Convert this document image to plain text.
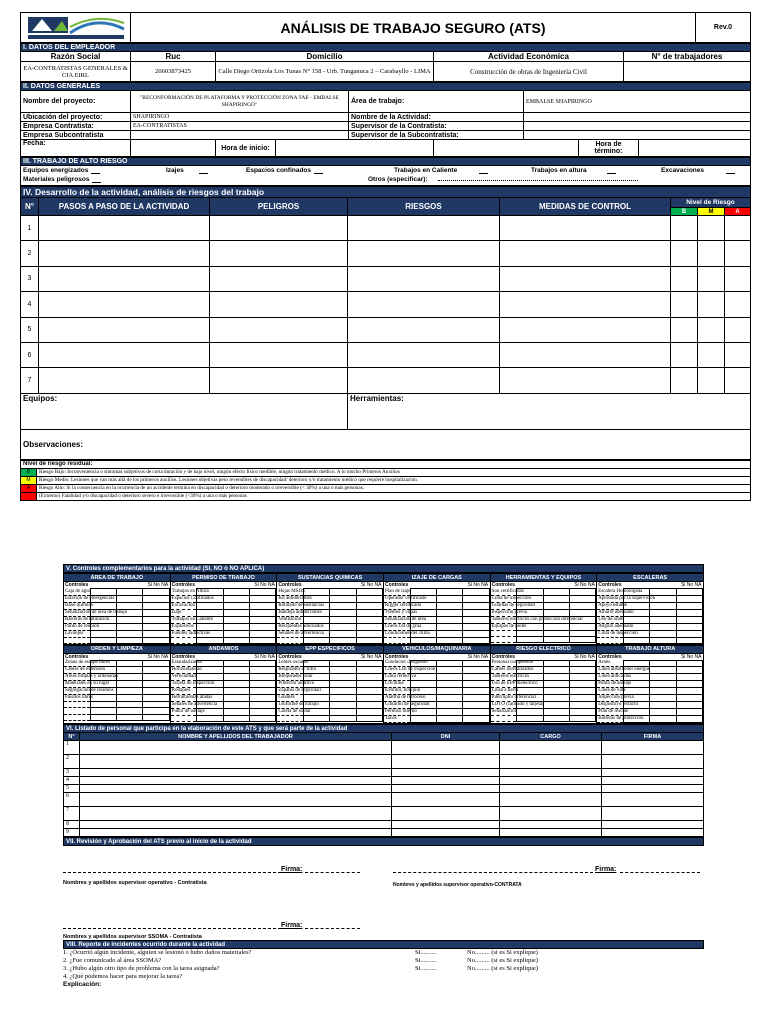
	ANÁLISIS DE TRABAJO SEGURO (ATS)	Rev.0
I. DATOS DEL EMPLEADOR				
Razón Social	Ruc	Domicilio	Actividad Económica	N° de trabajadores
EA-CONTRATISTAS GENERALES & CIA EIRL	20603873425	Calle Diego Ortizola Los Tunas N° 158 - Urb. Tunganuca 2 – Carabayllo - LIMA	Construcción de obras de Ingeniería Civil	
II. DATOS GENERALES								
Nombre del proyecto:	"RECONFORMACIÓN DE PLATAFORMA Y PROTECCIÓN ZONA TAE - EMBALSE SHAPIRINGO"			Área de trabajo:		EMBALSE SHAPIRINGO		
Ubicación del proyecto:	SHAPIRINGO			Nombre de la Actividad:				
Empresa Contratista:	EA-CONTRATISTAS			Supervisor de la Contratista:				
Empresa Subcontratista				Supervisor de la Subcontratista:				
Fecha:		Hora de inicio:					Hora de término:	
III. TRABAJO DE ALTO RIESGO

Equipos energizados	Izajes	Espacios confinados	Trabajos en Caliente	Trabajos en altura	Excavaciones
Materiales peligrosos	Otros (especificar):
IV. Desarrollo de la actividad, análisis de riesgos del trabajo							
N°	PASOS A PASO DE LA ACTIVIDAD	PELIGROS	RIESGOS	MEDIDAS DE CONTROL	Nivel de Riesgo		
					B	M	A
1							
2							
3							
4							
5							
6							
7							
Equipos:			Herramientas:				
Observaciones:							
Nivel de riesgo residual:	
B	Riesgo Bajo: Inconveniencia o síntomas subjetivos de corta duración y de bajo nivel, ningún efecto físico medible, ningún tratamiento médico. A lo mucho Primeros Auxilios
M	Riesgo Medio: Lesiones que van más allá de los primeros auxilios. Lesiones objetivas pero reversibles de discapacidad/ deterioro y/o tratamiento médico que requiere hospitalización.
A	Riesgo Alto: Si la consecuencia en la ocurrencia de un accidente termina en discapacidad o deterioro moderado o irreversible (< 30%) a una o más personas.
	(Extremo) Fatalidad y/o discapacidad o deterioro severo e irreversible (<30%) a una o más personas
V. Controles complementarios para la actividad (SI, NO ó NO APLICA)
ÁREA DE TRABAJO	PERMISO DE TRABAJO	SUSTANCIAS QUIMICAS	IZAJE DE CARGAS	HERRAMIENTAS Y EQUIPOS	ESCALERAS

Controles	Si No NA
Caja de agua			
Estación de emergencias			
Baño químico			
Señalización de área de trabajo			
Barreras de limitación			
Punto de reunión			
Lavaojos			

Controles	Si No NA
Trabajos en Altura			
Espacios Confinados			
Excavación			
Izaje			
Trabajos en Caliente			
Explosivos			
Fuentes radiactivas			

Controles	Si No NA
Hojas MSDS			
Kit antiderrames			
Rotulado de sustancias			
Bandeja antiderrames			
Ventilación			
Recipientes adecuados			
Señales de advertencia			

Controles	Si No NA
Plan de izaje			
Operador certificado			
Rigger certificado			
Vientos y vigías			
Señalización de área			
Check list de grúa			
Condiciones del clima			

Controles	Si No NA
Son certificadas			
Cinta de inspección			
Guardas de seguridad			
Inspección previa			
Tableros eléctricos con protección diferencial			
Equipos de poder			

Controles	Si No NA
Escalera Homologada			
Aprobada por la supervisión			
Apoyo estable			
Amarre adecuado			
Uso de arnés			
Ángulo adecuado			
Cinta de inspección			

ORDEN Y LIMPIEZA	ANDAMIOS	EPP ESPECIFICOS	VEHICULOS/MAQUINARIA	RIESGO ELECTRICO	TRABAJO ALTURA

Controles	Si No NA
Zonas de escape libres			
Cables de extensión			
Áreas limpias y ordenadas			
Materiales en su lugar			
Segregación de residuos			
Pasillos libres			

Controles	Si No NA
Estandarizados			
Horizontalidad			
Verticalidad			
Tarjeta de Inspección			
Rodapiés			
Herramientas atadas			
Señales de advertencia			
Punto de anclaje			

Controles	Si No NA
Lentes oscuros			
Respirador c/ filtro			
Bloqueador solar			
Protector auditivo			
Zapatos de seguridad			
Guantes			
Uniforme de trabajo			
Careta de soldar			

Controles	Si No NA
Conductor designado			
Check List de inspección			
Cinta reflectiva			
Circulina			
Extintor, botiquín			
Alarma de retroceso			
Cinturón de seguridad			
Permiso interno			
Tacos			

Controles	Si No NA
Personal competente			
Cables normalizados			
Tableros eléctricos			
Uso de EPP dieléctrico			
Línea a tierra			
Interruptor diferencial			
LOTO (candado y tarjeta)			
Señalización			

Controles	Si No NA
Arnés			
Línea absorbedor energía			
Línea anticaídas			
Punto de anclaje			
Línea de vida			
Inspección previa			
Dispositivo retráctil			
Plan de rescate			
Barreras de protección			
VI. Listado de personal que participa en la elaboración de este ATS y que será parte de la actividad				
N°	NOMBRE Y APELLIDOS DEL TRABAJADOR	DNI	CARGO	FIRMA
1				
2				
3				
4				
5				
6				
7				
8				
9				
VII. Revisión y Aprobación del ATS previo al inicio de la actividad
Firma:	Firma:
Nombres y apellidos supervisor operativo - Contratista	Nombres y apellidos supervisor operativo-CONTRATA
Firma:
Nombres y apellidos supervisor SSOMA - Contratista
VIII. Reporte de incidentes ocurrido durante la actividad
1. ¿Ocurrió algún incidente, alguien se lesionó o hubo daños materiales?	Si..........	No......... (si es Si explique)
2. ¿Fue comunicado al área SSOMA?	Si..........	No......... (si es Si explique)
3. ¿Hubo algún otro tipo de problema con la tarea asignada?	Si..........	No......... (si es Si explique)
4. ¿Qué podemos hacer para mejorar la tarea?
Explicación:
